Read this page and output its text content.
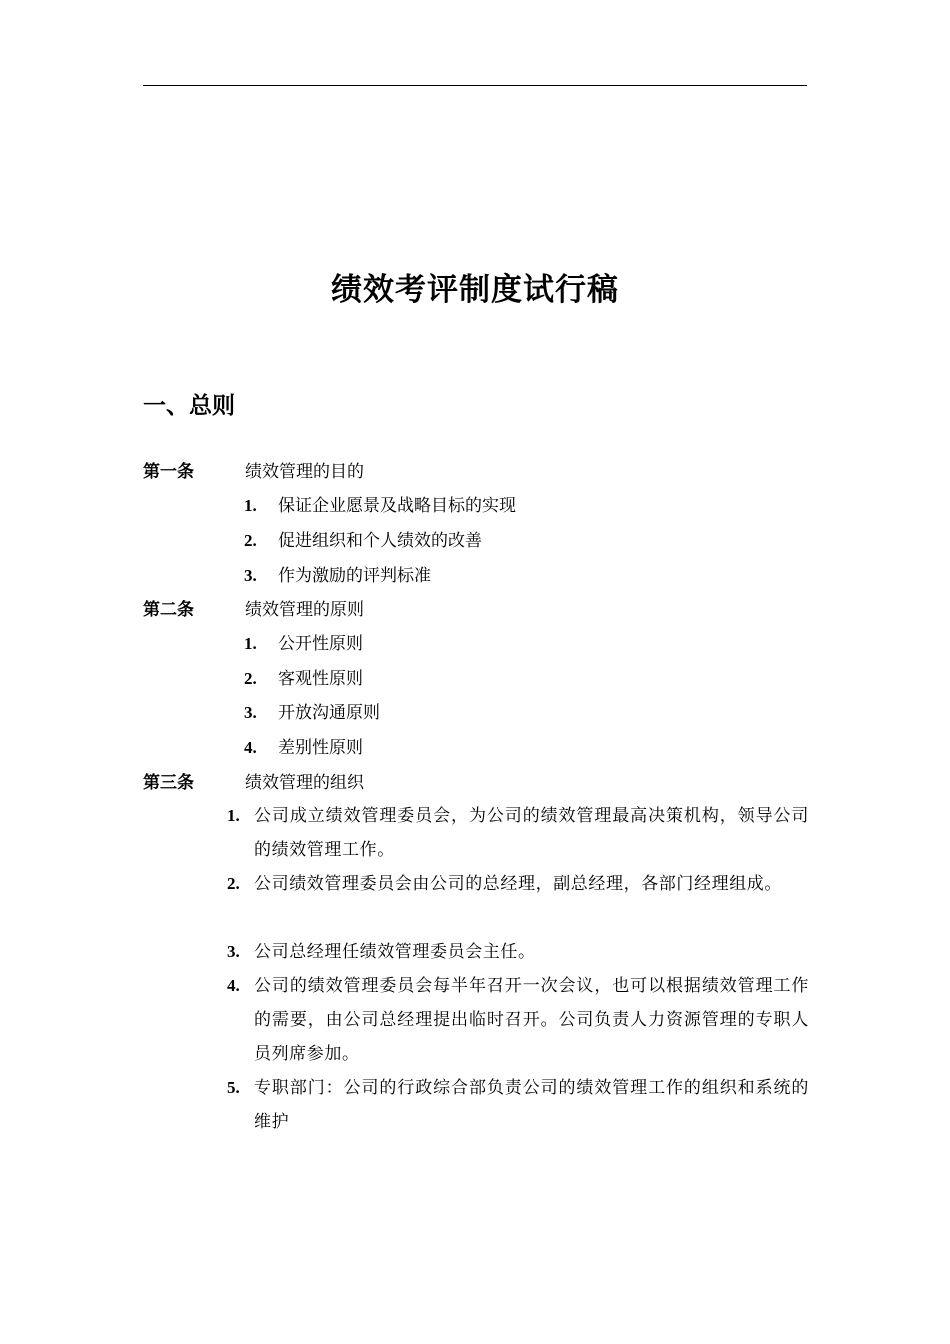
绩效考评制度试行稿
一、总则
第一条	绩效管理的目的
1. 保证企业愿景及战略目标的实现
2. 促进组织和个人绩效的改善
3. 作为激励的评判标准
第二条	绩效管理的原则
1. 公开性原则
2. 客观性原则
3. 开放沟通原则
4. 差别性原则
第三条	绩效管理的组织
1. 公司成立绩效管理委员会，为公司的绩效管理最高决策机构，领导公司的绩效管理工作。
2. 公司绩效管理委员会由公司的总经理，副总经理，各部门经理组成。
3. 公司总经理任绩效管理委员会主任。
4. 公司的绩效管理委员会每半年召开一次会议，也可以根据绩效管理工作的需要，由公司总经理提出临时召开。公司负责人力资源管理的专职人员列席参加。
5. 专职部门：公司的行政综合部负责公司的绩效管理工作的组织和系统的维护
